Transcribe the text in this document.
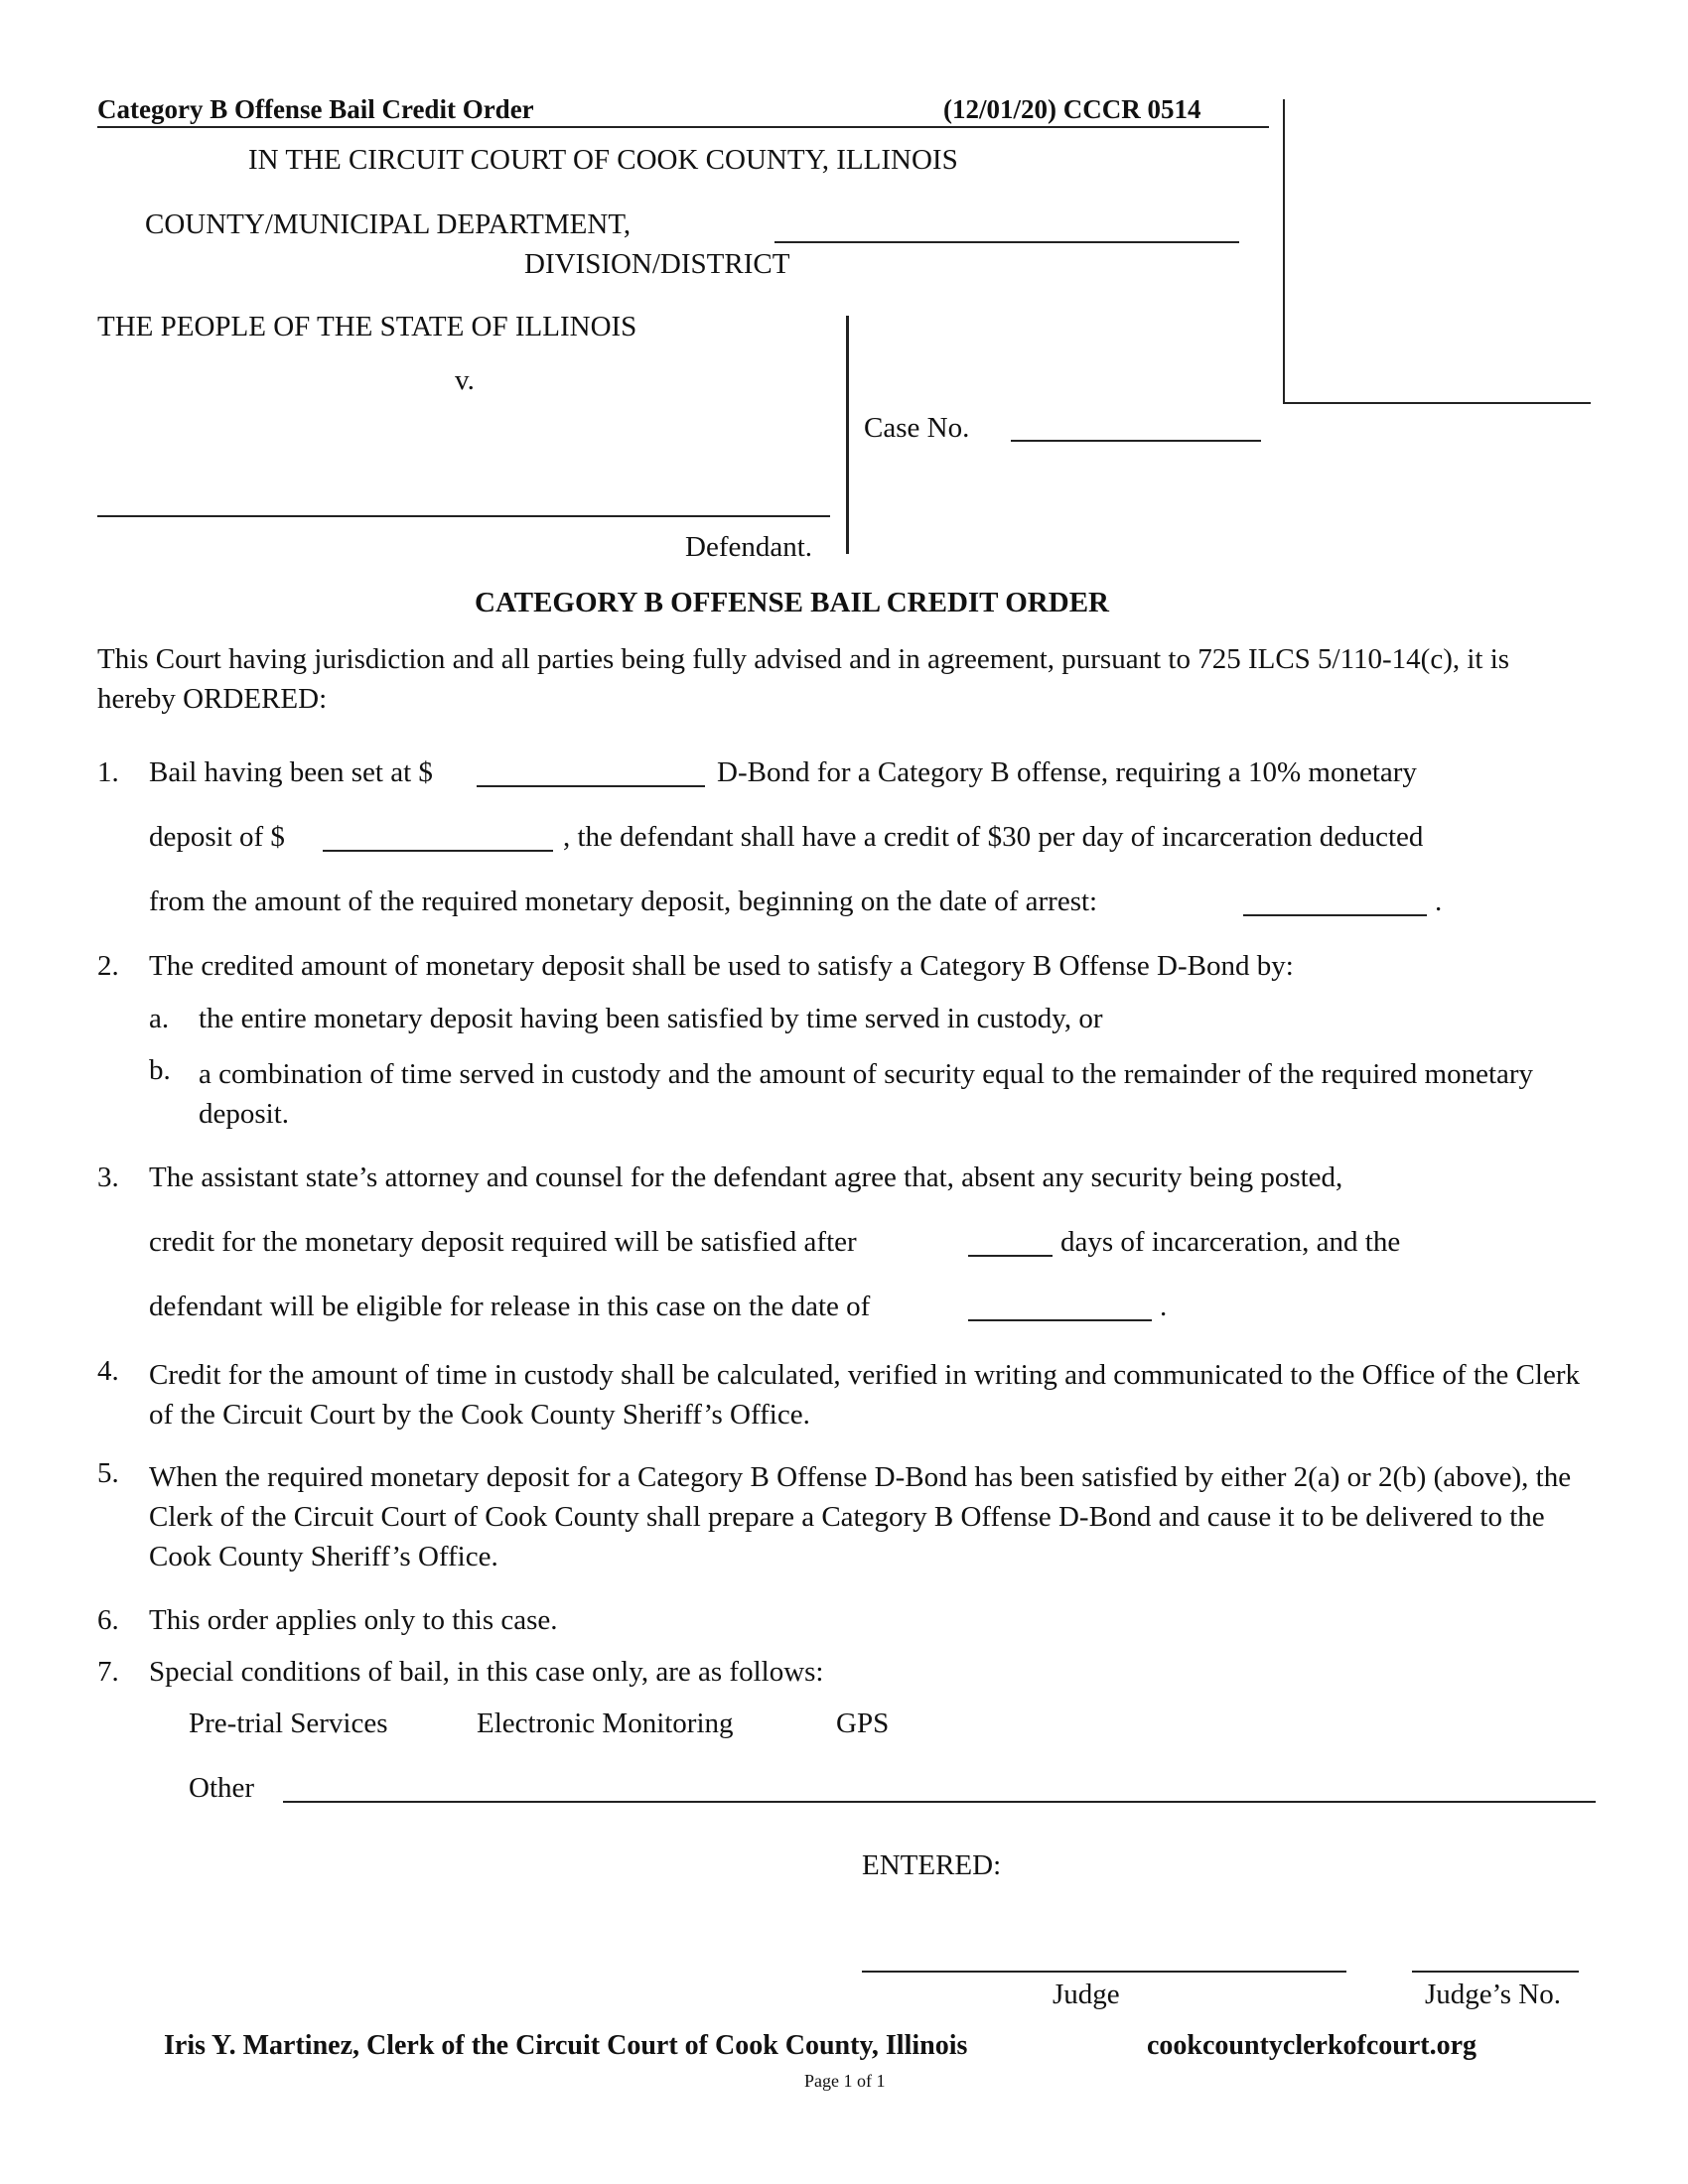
Category B Offense Bail Credit Order	(12/01/20) CCCR 0514
IN THE CIRCUIT COURT OF COOK COUNTY, ILLINOIS
COUNTY/MUNICIPAL DEPARTMENT,
DIVISION/DISTRICT
THE PEOPLE OF THE STATE OF ILLINOIS
v.
Defendant.
Case No.
CATEGORY B OFFENSE BAIL CREDIT ORDER
This Court having jurisdiction and all parties being fully advised and in agreement, pursuant to 725 ILCS 5/110-14(c), it is hereby ORDERED:
1. Bail having been set at $	D-Bond for a Category B offense, requiring a 10% monetary
deposit of $	, the defendant shall have a credit of $30 per day of incarceration deducted
from the amount of the required monetary deposit, beginning on the date of arrest:	.
2. The credited amount of monetary deposit shall be used to satisfy a Category B Offense D-Bond by:
a. the entire monetary deposit having been satisfied by time served in custody, or
b. a combination of time served in custody and the amount of security equal to the remainder of the required monetary deposit.
3. The assistant state’s attorney and counsel for the defendant agree that, absent any security being posted,
credit for the monetary deposit required will be satisfied after	days of incarceration, and the
defendant will be eligible for release in this case on the date of	.
4. Credit for the amount of time in custody shall be calculated, verified in writing and communicated to the Office of the Clerk of the Circuit Court by the Cook County Sheriff’s Office.
5. When the required monetary deposit for a Category B Offense D-Bond has been satisfied by either 2(a) or 2(b) (above), the Clerk of the Circuit Court of Cook County shall prepare a Category B Offense D-Bond and cause it to be delivered to the Cook County Sheriff’s Office.
6. This order applies only to this case.
7. Special conditions of bail, in this case only, are as follows:
Pre-trial Services	Electronic Monitoring	GPS
Other
ENTERED:
Judge	Judge’s No.
Iris Y. Martinez, Clerk of the Circuit Court of Cook County, Illinois	cookcountyclerkofcourt.org
Page 1 of 1
